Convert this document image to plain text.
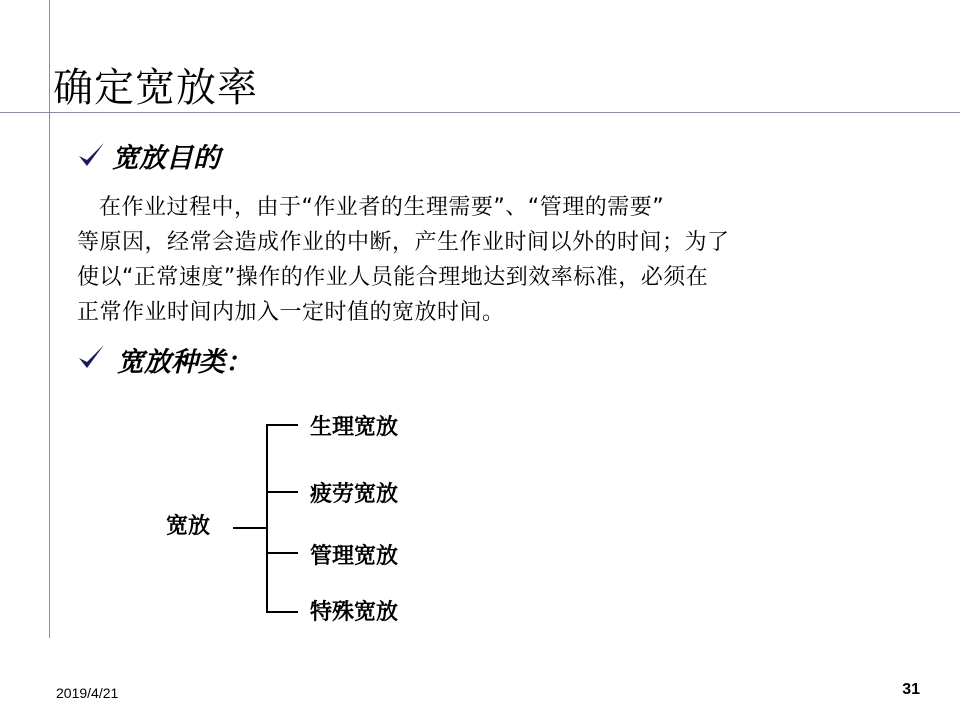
确定宽放率
宽放目的

在作业过程中，由于“作业者的生理需要”、“管理的需要”
等原因，经常会造成作业的中断，产生作业时间以外的时间；为了
使以“正常速度”操作的作业人员能合理地达到效率标准，必须在
正常作业时间内加入一定时值的宽放时间。

宽放种类：
宽放
生理宽放
疲劳宽放
管理宽放
特殊宽放
2019/4/21	31
